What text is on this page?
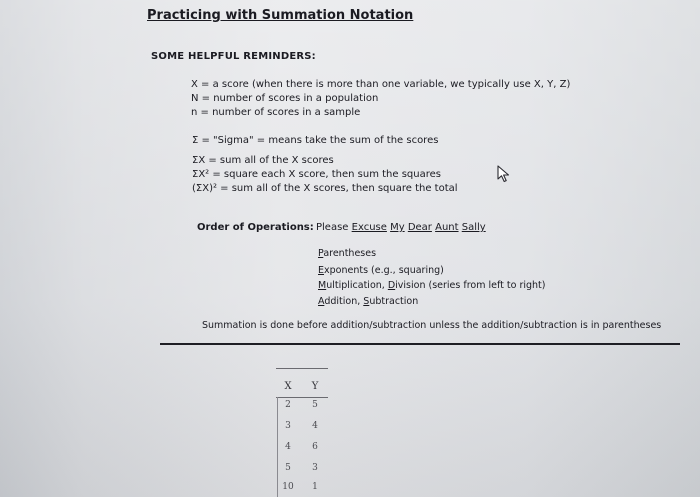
Practicing with Summation Notation
SOME HELPFUL REMINDERS:
X = a score (when there is more than one variable, we typically use X, Y, Z)
N = number of scores in a population
n = number of scores in a sample
Σ = "Sigma" = means take the sum of the scores
ΣX = sum all of the X scores
ΣX² = square each X score, then sum the squares
(ΣX)² = sum all of the X scores, then square the total
Order of Operations: Please Excuse My Dear Aunt Sally
Parentheses
Exponents (e.g., squaring)
Multiplication, Division (series from left to right)
Addition, Subtraction
Summation is done before addition/subtraction unless the addition/subtraction is in parentheses
X	Y
2	5
3	4
4	6
5	3
10	1
